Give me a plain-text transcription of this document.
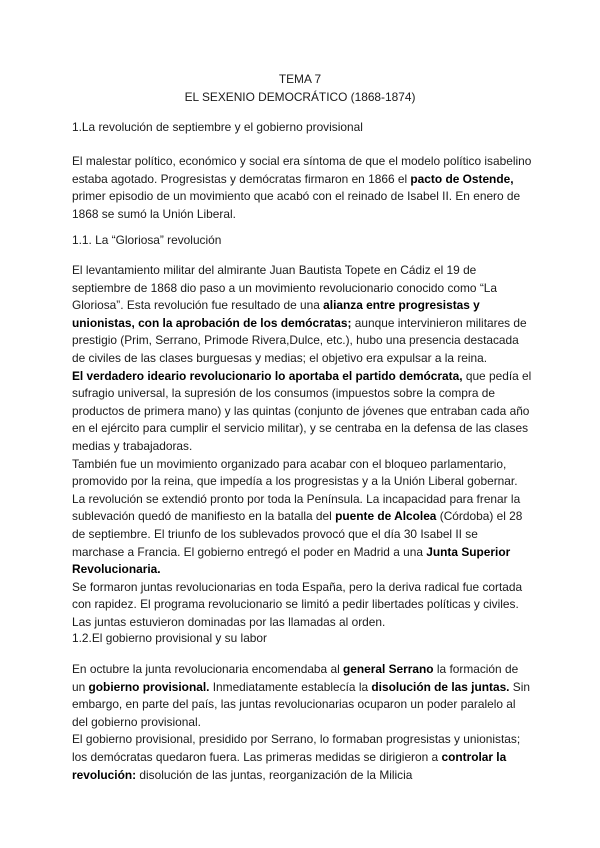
TEMA 7
EL SEXENIO DEMOCRÁTICO (1868-1874)
1.La revolución de septiembre y el gobierno provisional
El malestar político, económico y social era síntoma de que el modelo político isabelino estaba agotado. Progresistas y demócratas firmaron en 1866 el pacto de Ostende, primer episodio de un movimiento que acabó con el reinado de Isabel II. En enero de 1868 se sumó la Unión Liberal.
1.1. La “Gloriosa” revolución

El levantamiento militar del almirante Juan Bautista Topete en Cádiz el 19 de septiembre de 1868 dio paso a un movimiento revolucionario conocido como “La Gloriosa”. Esta revolución fue resultado de una alianza entre progresistas y unionistas, con la aprobación de los demócratas; aunque intervinieron militares de prestigio (Prim, Serrano, Primode Rivera,Dulce, etc.), hubo una presencia destacada de civiles de las clases burguesas y medias; el objetivo era expulsar a la reina.

El verdadero ideario revolucionario lo aportaba el partido demócrata, que pedía el sufragio universal, la supresión de los consumos (impuestos sobre la compra de productos de primera mano) y las quintas (conjunto de jóvenes que entraban cada año en el ejército para cumplir el servicio militar), y se centraba en la defensa de las clases medias y trabajadoras.

También fue un movimiento organizado para acabar con el bloqueo parlamentario, promovido por la reina, que impedía a los progresistas y a la Unión Liberal gobernar. La revolución se extendió pronto por toda la Península. La incapacidad para frenar la sublevación quedó de manifiesto en la batalla del puente de Alcolea (Córdoba) el 28 de septiembre. El triunfo de los sublevados provocó que el día 30 Isabel II se marchase a Francia. El gobierno entregó el poder en Madrid a una Junta Superior Revolucionaria.

Se formaron juntas revolucionarias en toda España, pero la deriva radical fue cortada con rapidez. El programa revolucionario se limitó a pedir libertades políticas y civiles. Las juntas estuvieron dominadas por las llamadas al orden.

1.2.El gobierno provisional y su labor

En octubre la junta revolucionaria encomendaba al general Serrano la formación de un gobierno provisional. Inmediatamente establecía la disolución de las juntas. Sin embargo, en parte del país, las juntas revolucionarias ocuparon un poder paralelo al del gobierno provisional.

El gobierno provisional, presidido por Serrano, lo formaban progresistas y unionistas; los demócratas quedaron fuera. Las primeras medidas se dirigieron a controlar la revolución: disolución de las juntas, reorganización de la Milicia
